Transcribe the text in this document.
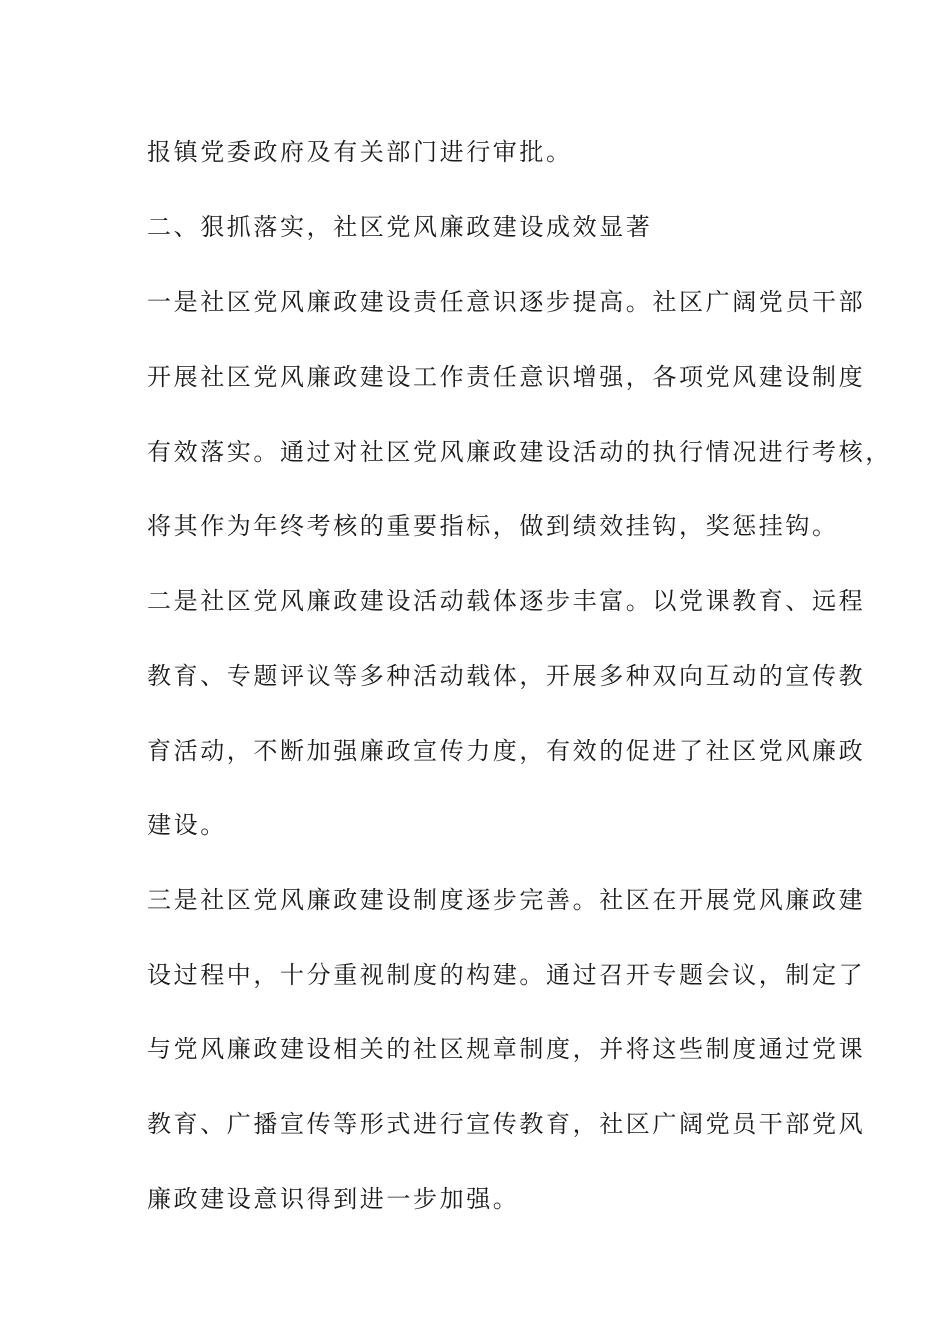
报镇党委政府及有关部门进行审批。

二、狠抓落实，社区党风廉政建设成效显著

一是社区党风廉政建设责任意识逐步提高。社区广阔党员干部

开展社区党风廉政建设工作责任意识增强，各项党风建设制度

有效落实。通过对社区党风廉政建设活动的执行情况进行考核，

将其作为年终考核的重要指标，做到绩效挂钩，奖惩挂钩。

二是社区党风廉政建设活动载体逐步丰富。以党课教育、远程

教育、专题评议等多种活动载体，开展多种双向互动的宣传教

育活动，不断加强廉政宣传力度，有效的促进了社区党风廉政

建设。

三是社区党风廉政建设制度逐步完善。社区在开展党风廉政建

设过程中，十分重视制度的构建。通过召开专题会议，制定了

与党风廉政建设相关的社区规章制度，并将这些制度通过党课

教育、广播宣传等形式进行宣传教育，社区广阔党员干部党风

廉政建设意识得到进一步加强。
